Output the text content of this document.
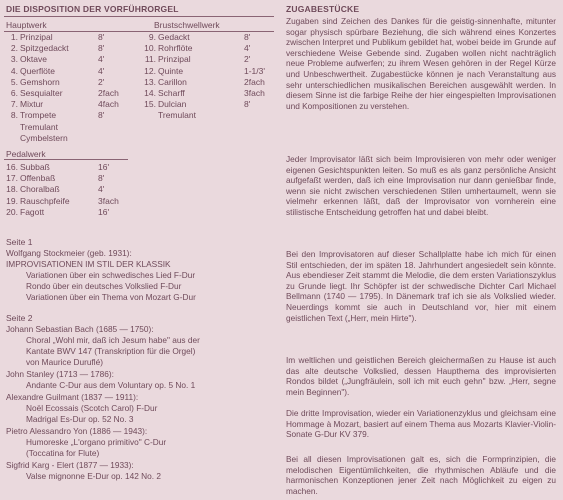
DIE DISPOSITION DER VORFÜHRORGEL
Hauptwerk	Brustschwellwerk
1. Prinzipal	8'
2. Spitzgedackt	8'
3. Oktave	4'
4. Querflöte	4'
5. Gemshorn	2'
6. Sesquialter	2fach
7. Mixtur	4fach
8. Trompete	8'
Tremulant
Cymbelstern
9. Gedackt	8'
10. Rohrflöte	4'
11. Prinzipal	2'
12. Quinte	1-1/3'
13. Carillon	2fach
14. Scharff	3fach
15. Dulcian	8'
Tremulant
Pedalwerk
16. Subbaß	16'
17. Offenbaß	8'
18. Choralbaß	4'
19. Rauschpfeife	3fach
20. Fagott	16'
Seite 1
Wolfgang Stockmeier (geb. 1931):
IMPROVISATIONEN IM STIL DER KLASSIK
Variationen über ein schwedisches Lied F-Dur
Rondo über ein deutsches Volkslied F-Dur
Variationen über ein Thema von Mozart G-Dur
Seite 2
Johann Sebastian Bach (1685 — 1750):
Choral „Wohl mir, daß ich Jesum habe" aus der
Kantate BWV 147 (Transkription für die Orgel)
von Maurice Duruflé)
John Stanley (1713 — 1786):
Andante C-Dur aus dem Voluntary op. 5 No. 1
Alexandre Guilmant (1837 — 1911):
Noël Ecossais (Scotch Carol) F-Dur
Madrigal Es-Dur op. 52 No. 3
Pietro Alessandro Yon (1886 — 1943):
Humoreske „L'organo primitivo" C-Dur
(Toccatina for Flute)
Sigfrid Karg - Elert (1877 — 1933):
Valse mignonne E-Dur op. 142 No. 2
ZUGABESTÜCKE

Zugaben sind Zeichen des Dankes für die geistig-sinnenhafte, mitunter sogar physisch spürbare Beziehung, die sich während eines Konzertes zwischen Interpret und Publikum gebildet hat, wobei beide im Grunde auf verschiedene Weise Gebende sind. Zugaben wollen nicht nachträglich neue Probleme aufwerfen; zu ihrem Wesen gehören in der Regel Kürze und Unbeschwertheit. Zugabestücke können je nach Veranstaltung aus sehr unterschiedlichen musikalischen Bereichen ausgewählt werden. In diesem Sinne ist die farbige Reihe der hier eingespielten Improvisationen und Kompositionen zu verstehen.

Jeder Improvisator läßt sich beim Improvisieren von mehr oder weniger eigenen Gesichtspunkten leiten. So muß es als ganz persönliche Ansicht aufgefaßt werden, daß ich eine Improvisation nur dann genießbar finde, wenn sie nicht zwischen verschiedenen Stilen umhertaumelt, wenn sie vielmehr erkennen läßt, daß der Improvisator von vornherein eine stilistische Entscheidung getroffen hat und dabei bleibt.

Bei den Improvisatoren auf dieser Schallplatte habe ich mich für einen Stil entschieden, der im späten 18. Jahrhundert angesiedelt sein könnte. Aus ebendieser Zeit stammt die Melodie, die dem ersten Variationszyklus zu Grunde liegt. Ihr Schöpfer ist der schwedische Dichter Carl Michael Bellmann (1740 — 1795). In Dänemark traf ich sie als Volkslied wieder. Neuerdings kommt sie auch in Deutschland vor, hier mit einem geistlichen Text („Herr, mein Hirte").

Im weltlichen und geistlichen Bereich gleichermaßen zu Hause ist auch das alte deutsche Volkslied, dessen Haupthema des improvisierten Rondos bildet („Jungfräulein, soll ich mit euch gehn" bzw. „Herr, segne mein Beginnen").

Die dritte Improvisation, wieder ein Variationenzyklus und gleichsam eine Hommage à Mozart, basiert auf einem Thema aus Mozarts Klavier-Violin-Sonate G-Dur KV 379.

Bei all diesen Improvisationen galt es, sich die Formprinzipien, die melodischen Eigentümlichkeiten, die rhythmischen Abläufe und die harmonischen Konzeptionen jener Zeit nach Möglichkeit zu eigen zu machen.
